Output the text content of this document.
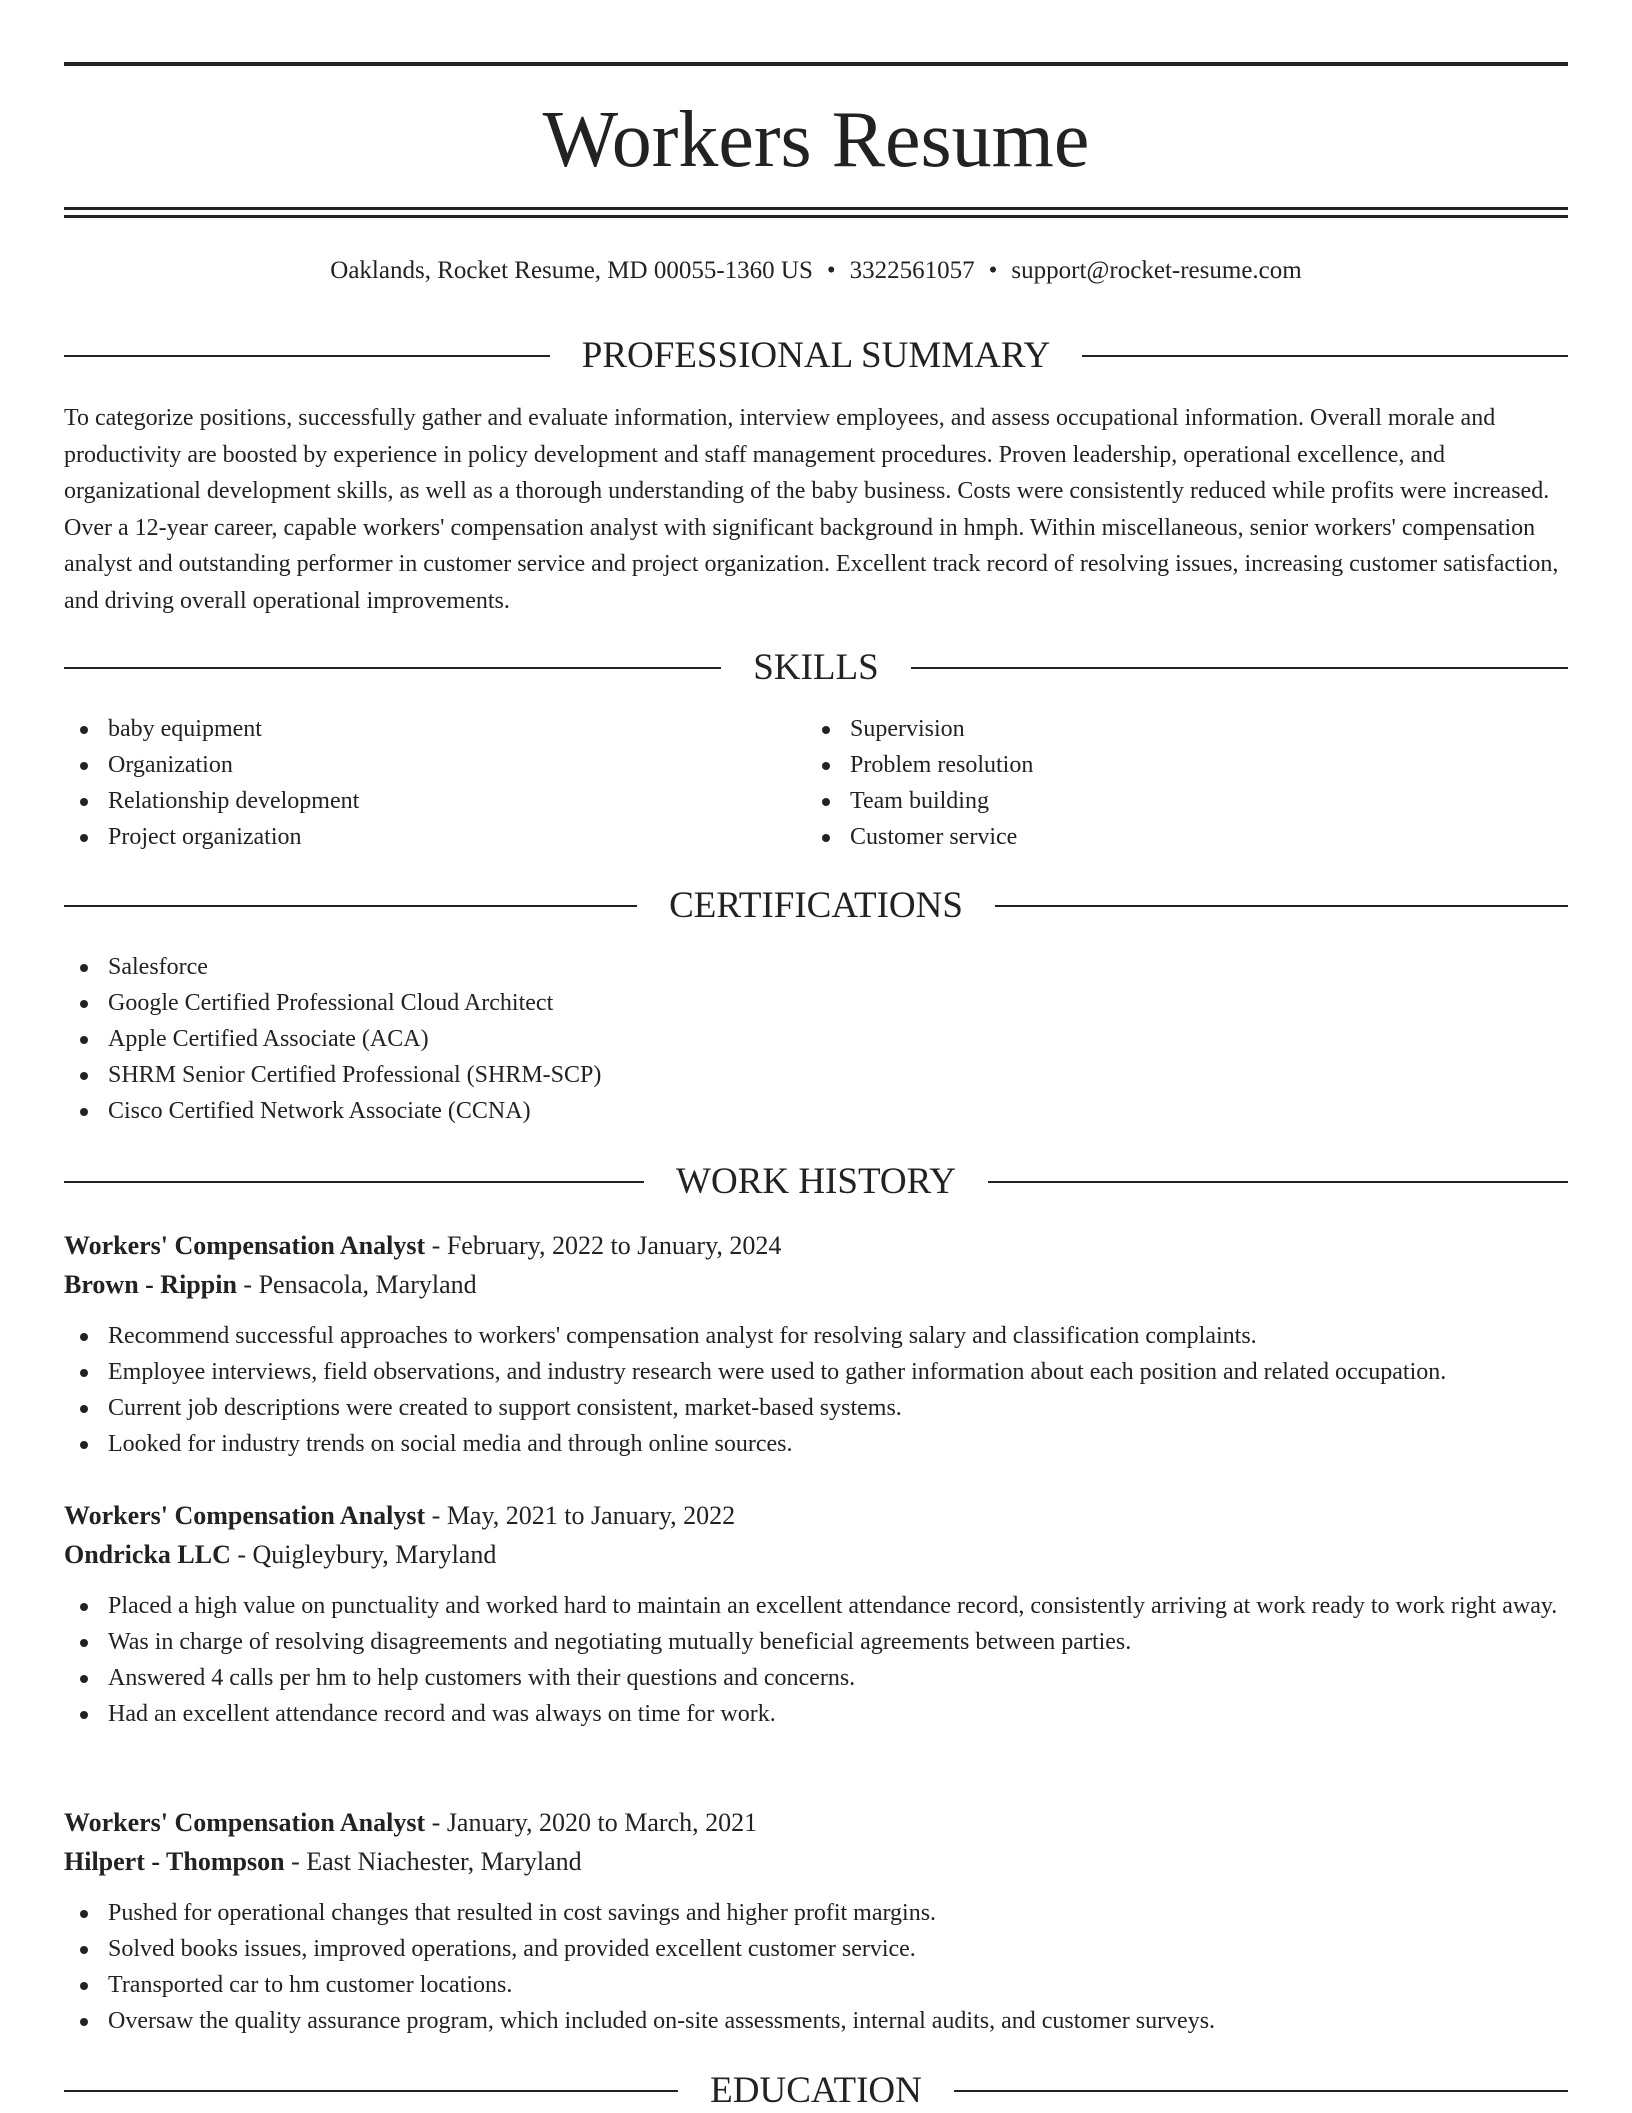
Workers Resume
Oaklands, Rocket Resume, MD 00055-1360 US • 3322561057 • support@rocket-resume.com
PROFESSIONAL SUMMARY
To categorize positions, successfully gather and evaluate information, interview employees, and assess occupational information. Overall morale and productivity are boosted by experience in policy development and staff management procedures. Proven leadership, operational excellence, and organizational development skills, as well as a thorough understanding of the baby business. Costs were consistently reduced while profits were increased. Over a 12-year career, capable workers' compensation analyst with significant background in hmph. Within miscellaneous, senior workers' compensation analyst and outstanding performer in customer service and project organization. Excellent track record of resolving issues, increasing customer satisfaction, and driving overall operational improvements.
SKILLS
baby equipment
Organization
Relationship development
Project organization
Supervision
Problem resolution
Team building
Customer service
CERTIFICATIONS
Salesforce
Google Certified Professional Cloud Architect
Apple Certified Associate (ACA)
SHRM Senior Certified Professional (SHRM-SCP)
Cisco Certified Network Associate (CCNA)
WORK HISTORY
Workers' Compensation Analyst - February, 2022 to January, 2024
Brown - Rippin - Pensacola, Maryland
Recommend successful approaches to workers' compensation analyst for resolving salary and classification complaints.
Employee interviews, field observations, and industry research were used to gather information about each position and related occupation.
Current job descriptions were created to support consistent, market-based systems.
Looked for industry trends on social media and through online sources.
Workers' Compensation Analyst - May, 2021 to January, 2022
Ondricka LLC - Quigleybury, Maryland
Placed a high value on punctuality and worked hard to maintain an excellent attendance record, consistently arriving at work ready to work right away.
Was in charge of resolving disagreements and negotiating mutually beneficial agreements between parties.
Answered 4 calls per hm to help customers with their questions and concerns.
Had an excellent attendance record and was always on time for work.
Workers' Compensation Analyst - January, 2020 to March, 2021
Hilpert - Thompson - East Niachester, Maryland
Pushed for operational changes that resulted in cost savings and higher profit margins.
Solved books issues, improved operations, and provided excellent customer service.
Transported car to hm customer locations.
Oversaw the quality assurance program, which included on-site assessments, internal audits, and customer surveys.
EDUCATION
